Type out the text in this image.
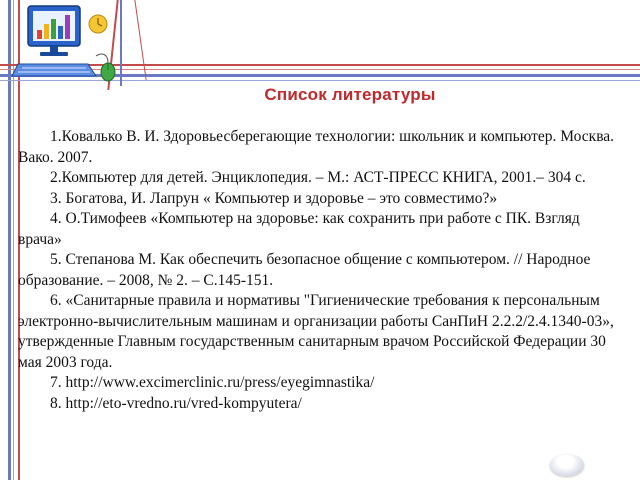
Список литературы
1.Ковалько В. И. Здоровьесберегающие технологии: школьник и компьютер. Москва. Вако. 2007.
2.Компьютер для детей. Энциклопедия. – М.: АСТ-ПРЕСС КНИГА, 2001.– 304 с.
3. Богатова, И. Лапрун « Компьютер и здоровье – это совместимо?»
4. О.Тимофеев «Компьютер на здоровье: как сохранить при работе с ПК. Взгляд врача»
5. Степанова М. Как обеспечить безопасное общение с компьютером. // Народное образование. – 2008, № 2. – С.145-151.
6. «Санитарные правила и нормативы "Гигиенические требования к персональным электронно-вычислительным машинам и организации работы СанПиН 2.2.2/2.4.1340-03», утвержденные Главным государственным санитарным врачом Российской Федерации 30 мая 2003 года.
7. http://www.excimerclinic.ru/press/eyegimnastika/
8. http://eto-vredno.ru/vred-kompyutera/
